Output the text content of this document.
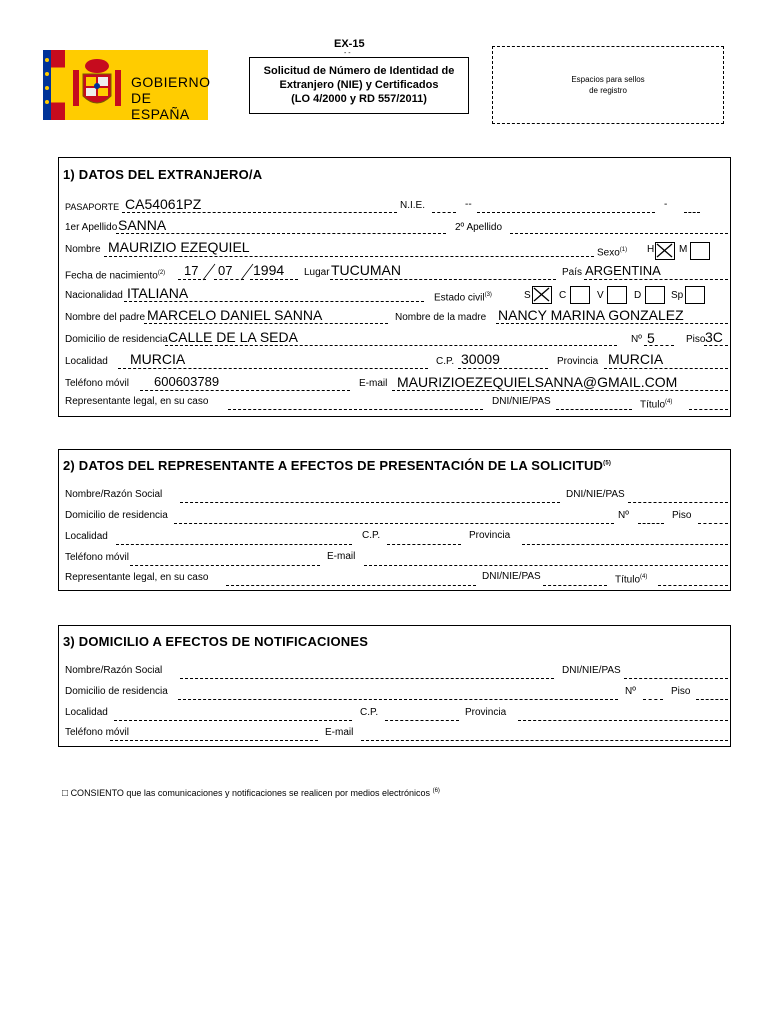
GOBIERNO
DE ESPAÑA
EX-15
- -
Solicitud de Número de Identidad de
Extranjero (NIE) y Certificados
(LO 4/2000 y RD 557/2011)
Espacios para sellos
de registro
1) DATOS DEL EXTRANJERO/A
PASAPORTE CA54061PZ	N.I.E.	--	-
1er Apellido SANNA	2º Apellido
Nombre MAURIZIO EZEQUIEL	Sexo$^{(1)}$ H M
Fecha de nacimiento$^{(2)}$ 17 07 1994 Lugar TUCUMAN	País ARGENTINA
Nacionalidad ITALIANA	Estado civil$^{(3)}$	S	C	V	D	Sp
Nombre del padre MARCELO DANIEL SANNA	Nombre de la madre NANCY MARINA GONZALEZ
Domicilio de residencia CALLE DE LA SEDA	Nº 5	Piso 3C
Localidad MURCIA	C.P. 30009	Provincia MURCIA
Teléfono móvil 600603789	E-mail MAURIZIOEZEQUIELSANNA@GMAIL.COM
Representante legal, en su caso	DNI/NIE/PAS	Título$^{(4)}$
2) DATOS DEL REPRESENTANTE A EFECTOS DE PRESENTACIÓN DE LA SOLICITUD$^{(5)}$
Nombre/Razón Social	DNI/NIE/PAS
Domicilio de residencia	Nº	Piso
Localidad	C.P.	Provincia
Teléfono móvil	E-mail
Representante legal, en su caso	DNI/NIE/PAS	Título$^{(4)}$
3) DOMICILIO A EFECTOS DE NOTIFICACIONES
Nombre/Razón Social	DNI/NIE/PAS
Domicilio de residencia	Nº	Piso
Localidad	C.P.	Provincia
Teléfono móvil	E-mail
□ CONSIENTO que las comunicaciones y notificaciones se realicen por medios electrónicos $^{(6)}$
